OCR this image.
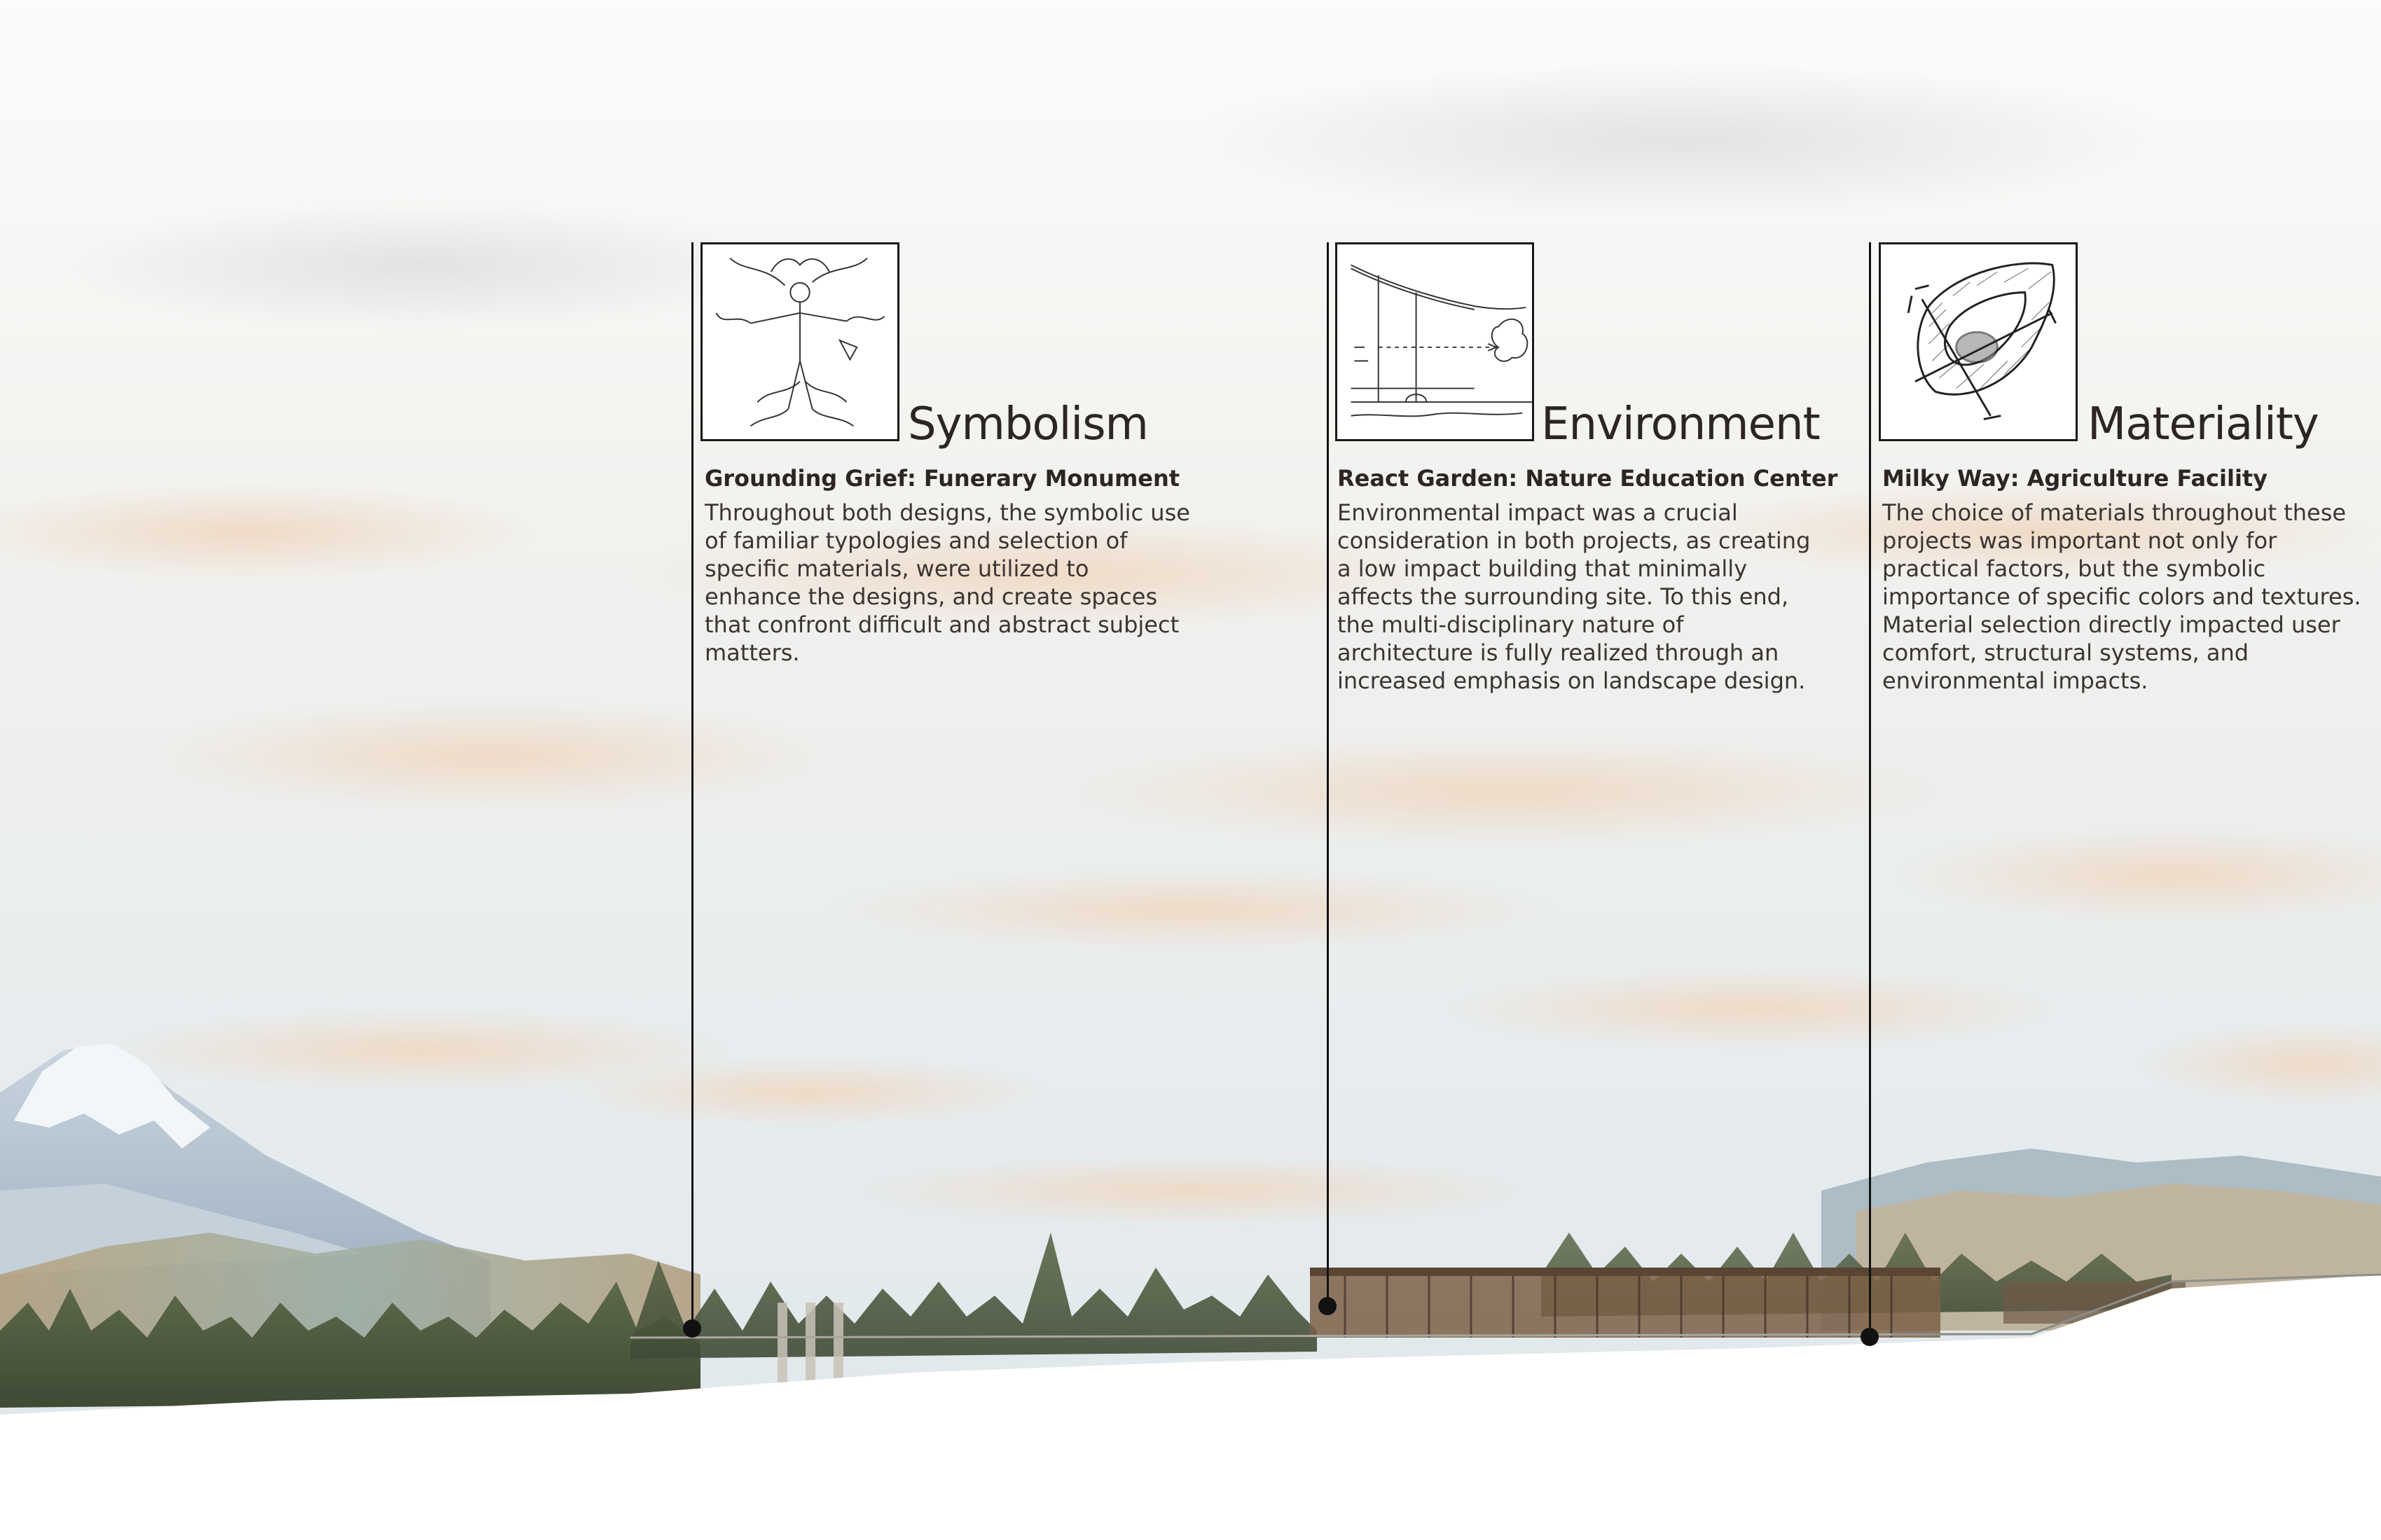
Symbolism
Grounding Grief: Funerary Monument
Throughout both designs, the symbolic use
of familiar typologies and selection of
specific materials, were utilized to
enhance the designs, and create spaces
that confront difficult and abstract subject
matters.
Environment
React Garden: Nature Education Center
Environmental impact was a crucial
consideration in both projects, as creating
a low impact building that minimally
affects the surrounding site. To this end,
the multi-disciplinary nature of
architecture is fully realized through an
increased emphasis on landscape design.
Materiality
Milky Way: Agriculture Facility
The choice of materials throughout these
projects was important not only for
practical factors, but the symbolic
importance of specific colors and textures.
Material selection directly impacted user
comfort, structural systems, and
environmental impacts.
